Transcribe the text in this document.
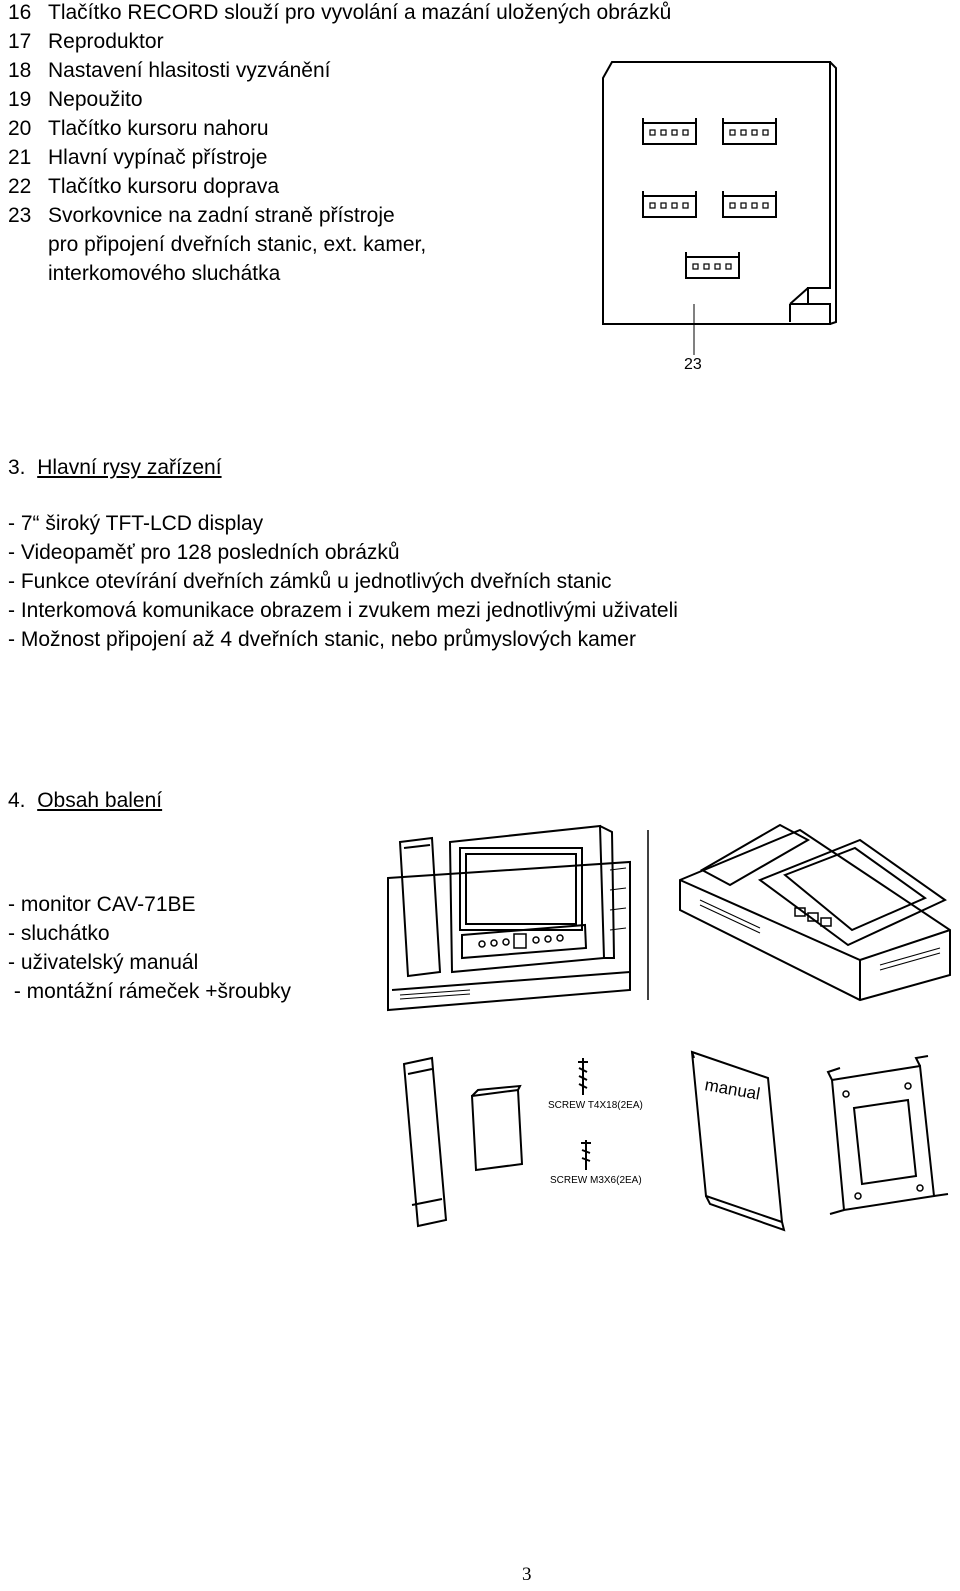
16 Tlačítko RECORD slouží pro vyvolání a mazání uložených obrázků
17 Reproduktor
18 Nastavení hlasitosti vyzvánění
19 Nepoužito
20 Tlačítko kursoru nahoru
21 Hlavní vypínač přístroje
22 Tlačítko kursoru doprava
23 Svorkovnice na zadní straně přístroje
pro připojení dveřních stanic, ext. kamer,
interkomového sluchátka
23
3. Hlavní rysy zařízení
- 7“ široký TFT-LCD display
- Videopaměť pro 128 posledních obrázků
- Funkce otevírání dveřních zámků u jednotlivých dveřních stanic
- Interkomová komunikace obrazem i zvukem mezi jednotlivými uživateli
- Možnost připojení až 4 dveřních stanic, nebo průmyslových kamer
4. Obsah balení
- monitor CAV-71BE
- sluchátko
- uživatelský manuál
- montážní rámeček +šroubky
SCREW T4X18(2EA)
SCREW M3X6(2EA)
manual
3
